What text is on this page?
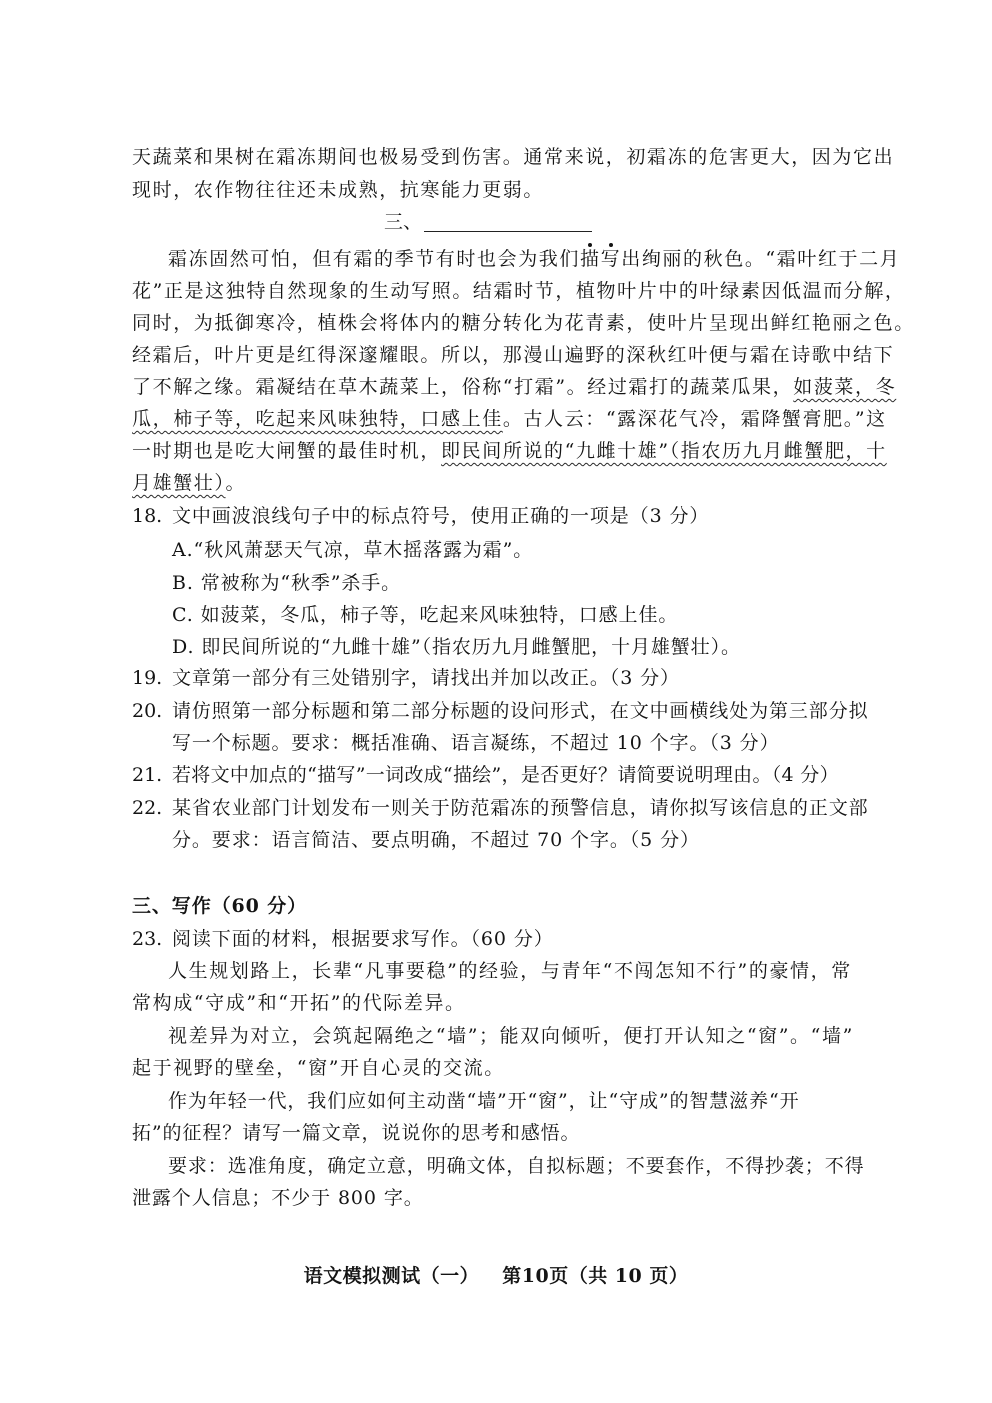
天蔬菜和果树在霜冻期间也极易受到伤害。通常来说，初霜冻的危害更大，因为它出
现时，农作物往往还未成熟，抗寒能力更弱。
三、
霜冻固然可怕，但有霜的季节有时也会为我们描写出绚丽的秋色。“霜叶红于二月
花”正是这独特自然现象的生动写照。结霜时节，植物叶片中的叶绿素因低温而分解，
同时，为抵御寒冷，植株会将体内的糖分转化为花青素，使叶片呈现出鲜红艳丽之色。
经霜后，叶片更是红得深邃耀眼。所以，那漫山遍野的深秋红叶便与霜在诗歌中结下
了不解之缘。霜凝结在草木蔬菜上，俗称“打霜”。经过霜打的蔬菜瓜果，如菠菜，冬
瓜，柿子等，吃起来风味独特，口感上佳。古人云：“露深花气冷，霜降蟹膏肥。”这
一时期也是吃大闸蟹的最佳时机，即民间所说的“九雌十雄”（指农历九月雌蟹肥，十
月雄蟹壮）。
18. 文中画波浪线句子中的标点符号，使用正确的一项是（3 分）
A.“秋风萧瑟天气凉，草木摇落露为霜”。
B. 常被称为“秋季”杀手。
C. 如菠菜，冬瓜，柿子等，吃起来风味独特，口感上佳。
D. 即民间所说的“九雌十雄”（指农历九月雌蟹肥，十月雄蟹壮）。
19. 文章第一部分有三处错别字，请找出并加以改正。（3 分）
20. 请仿照第一部分标题和第二部分标题的设问形式，在文中画横线处为第三部分拟
写一个标题。要求：概括准确、语言凝练，不超过 10 个字。（3 分）
21. 若将文中加点的“描写”一词改成“描绘”，是否更好？请简要说明理由。（4 分）
22. 某省农业部门计划发布一则关于防范霜冻的预警信息，请你拟写该信息的正文部
分。要求：语言简洁、要点明确，不超过 70 个字。（5 分）
三、写作（60 分）
23. 阅读下面的材料，根据要求写作。（60 分）
人生规划路上，长辈“凡事要稳”的经验，与青年“不闯怎知不行”的豪情，常
常构成“守成”和“开拓”的代际差异。
视差异为对立，会筑起隔绝之“墙”；能双向倾听，便打开认知之“窗”。“墙”
起于视野的壁垒，“窗”开自心灵的交流。
作为年轻一代，我们应如何主动凿“墙”开“窗”，让“守成”的智慧滋养“开
拓”的征程？请写一篇文章，说说你的思考和感悟。
要求：选准角度，确定立意，明确文体，自拟标题；不要套作，不得抄袭；不得
泄露个人信息；不少于 800 字。
语文模拟测试（一） 第10页（共 10 页）
